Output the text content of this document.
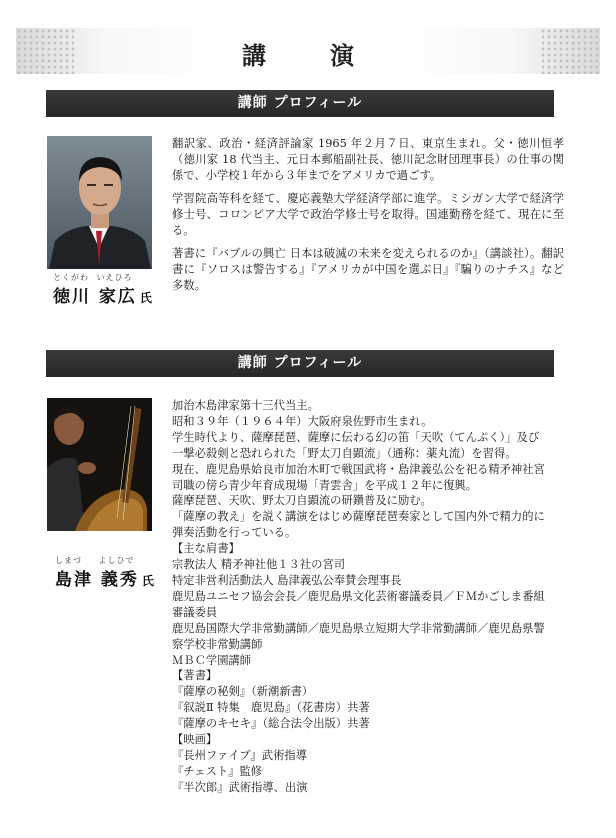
講　演
講師 プロフィール
とくがわ いえひろ
徳川 家広 氏

翻訳家、政治・経済評論家 1965 年２月７日、東京生まれ。父・徳川恒孝（徳川家 18 代当主、元日本郵船副社長、徳川記念財団理事長）の仕事の関係で、小学校１年から３年までをアメリカで過ごす。

学習院高等科を経て、慶応義塾大学経済学部に進学。ミシガン大学で経済学修士号、コロンビア大学で政治学修士号を取得。国連勤務を経て、現在に至る。

著書に『バブルの興亡 日本は破滅の未来を変えられるのか』（講談社）。翻訳書に『ソロスは警告する』『アメリカが中国を選ぶ日』『騙りのナチス』など多数。

講師 プロフィール
しまづ よしひで
島津 義秀 氏
加治木島津家第十三代当主。
昭和３９年（１９６４年）大阪府泉佐野市生まれ。
学生時代より、薩摩琵琶、薩摩に伝わる幻の笛「天吹（てんぷく）」及び
一撃必殺剣と恐れられた「野太刀自顕流」（通称：薬丸流）を習得。
現在、鹿児島県姶良市加治木町で戦国武将・島津義弘公を祀る精矛神社宮
司職の傍ら青少年育成現場「青雲舎」を平成１２年に復興。
薩摩琵琶、天吹、野太刀自顕流の研鑽普及に励む。
「薩摩の教え」を説く講演をはじめ薩摩琵琶奏家として国内外で精力的に
弾奏活動を行っている。
【主な肩書】
宗教法人 精矛神社他１３社の宮司
特定非営利活動法人 島津義弘公奉賛会理事長
鹿児島ユニセフ協会会長／鹿児島県文化芸術審議委員／ＦＭかごしま番組
審議委員
鹿児島国際大学非常勤講師／鹿児島県立短期大学非常勤講師／鹿児島県警
察学校非常勤講師
ＭＢＣ学園講師
【著書】
『薩摩の秘剣』（新潮新書）
『叙説Ⅱ 特集　鹿児島』（花書房）共著
『薩摩のキセキ』（総合法令出版）共著
【映画】
『長州ファイブ』武術指導
『チェスト』監修
『半次郎』武術指導、出演
